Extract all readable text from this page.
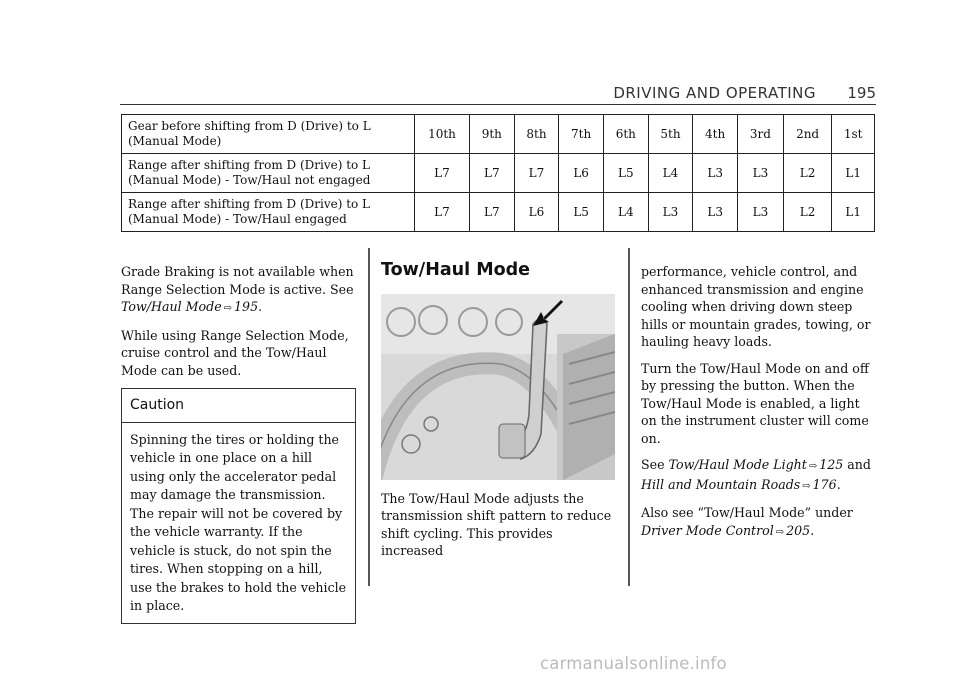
DRIVING AND OPERATING 195
Gear before shifting from D (Drive) to L (Manual Mode)	10th	9th	8th	7th	6th	5th	4th	3rd	2nd	1st
Range after shifting from D (Drive) to L (Manual Mode) - Tow/Haul not engaged	L7	L7	L7	L6	L5	L4	L3	L3	L2	L1
Range after shifting from D (Drive) to L (Manual Mode) - Tow/Haul engaged	L7	L7	L6	L5	L4	L3	L3	L3	L2	L1

Grade Braking is not available when Range Selection Mode is active. See Tow/Haul Mode ⇨ 195.

While using Range Selection Mode, cruise control and the Tow/Haul Mode can be used.

Caution
Spinning the tires or holding the vehicle in one place on a hill using only the accelerator pedal may damage the transmission. The repair will not be covered by the vehicle warranty. If the vehicle is stuck, do not spin the tires. When stopping on a hill, use the brakes to hold the vehicle in place.
Tow/Haul Mode

The Tow/Haul Mode adjusts the transmission shift pattern to reduce shift cycling. This provides increased

performance, vehicle control, and enhanced transmission and engine cooling when driving down steep hills or mountain grades, towing, or hauling heavy loads.

Turn the Tow/Haul Mode on and off by pressing the button. When the Tow/Haul Mode is enabled, a light on the instrument cluster will come on.

See Tow/Haul Mode Light ⇨ 125 and Hill and Mountain Roads ⇨ 176.

Also see “Tow/Haul Mode” under Driver Mode Control ⇨ 205.

carmanualsonline.info
